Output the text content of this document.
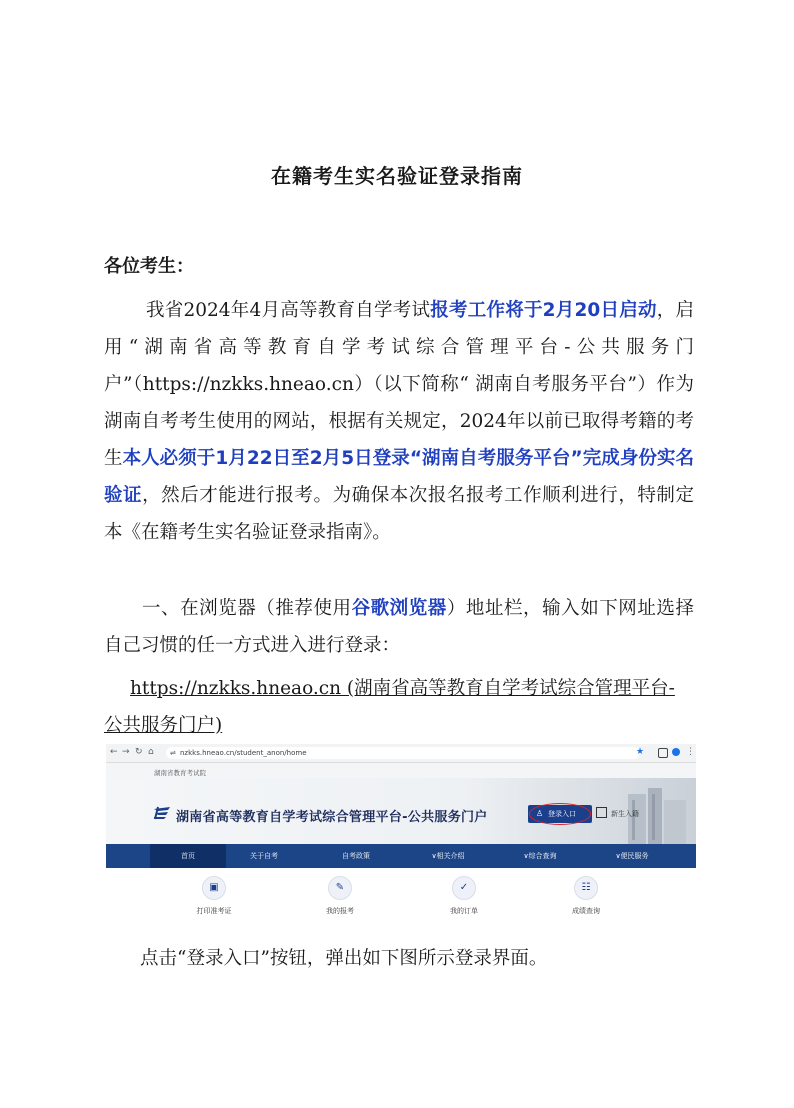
在籍考生实名验证登录指南
各位考生：
我省2024年4月高等教育自学考试报考工作将于2月20日启动，启用“湖南省高等教育自学考试综合管理平台-公共服务门户”（https://nzkks.hneao.cn）（以下简称“ 湖南自考服务平台”）作为湖南自考考生使用的网站，根据有关规定，2024年以前已取得考籍的考生本人必须于1月22日至2月5日登录“湖南自考服务平台”完成身份实名验证，然后才能进行报考。为确保本次报名报考工作顺利进行，特制定本《在籍考生实名验证登录指南》。
一、在浏览器（推荐使用谷歌浏览器）地址栏，输入如下网址选择自己习惯的任一方式进入进行登录：
https://nzkks.hneao.cn (湖南省高等教育自学考试综合管理平台-
公共服务门户)
← → ↻ ⌂ ⇌ nzkks.hneao.cn/student_anon/home	★	⋮
湖南省教育考试院
湖南省高等教育自学考试综合管理平台-公共服务门户	♙ 登录入口	新生入籍
首页	关于自考	自考政策	∨相关介绍	∨综合查询	∨便民服务
▣
打印准考证
✎
我的报考
✓
我的订单
☷
成绩查询
点击“登录入口”按钮，弹出如下图所示登录界面。
